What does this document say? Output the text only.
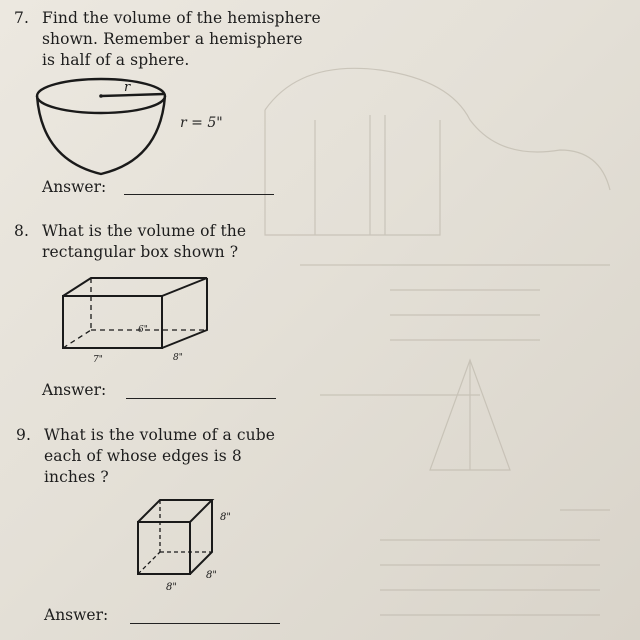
7. Find the volume of the hemisphere
shown. Remember a hemisphere
is half of a sphere.
r
r = 5"
Answer:
8. What is the volume of the
rectangular box shown ?
6"
7"	8"
Answer:
9. What is the volume of a cube
each of whose edges is 8
inches ?
8"
8"
8"
Answer:
